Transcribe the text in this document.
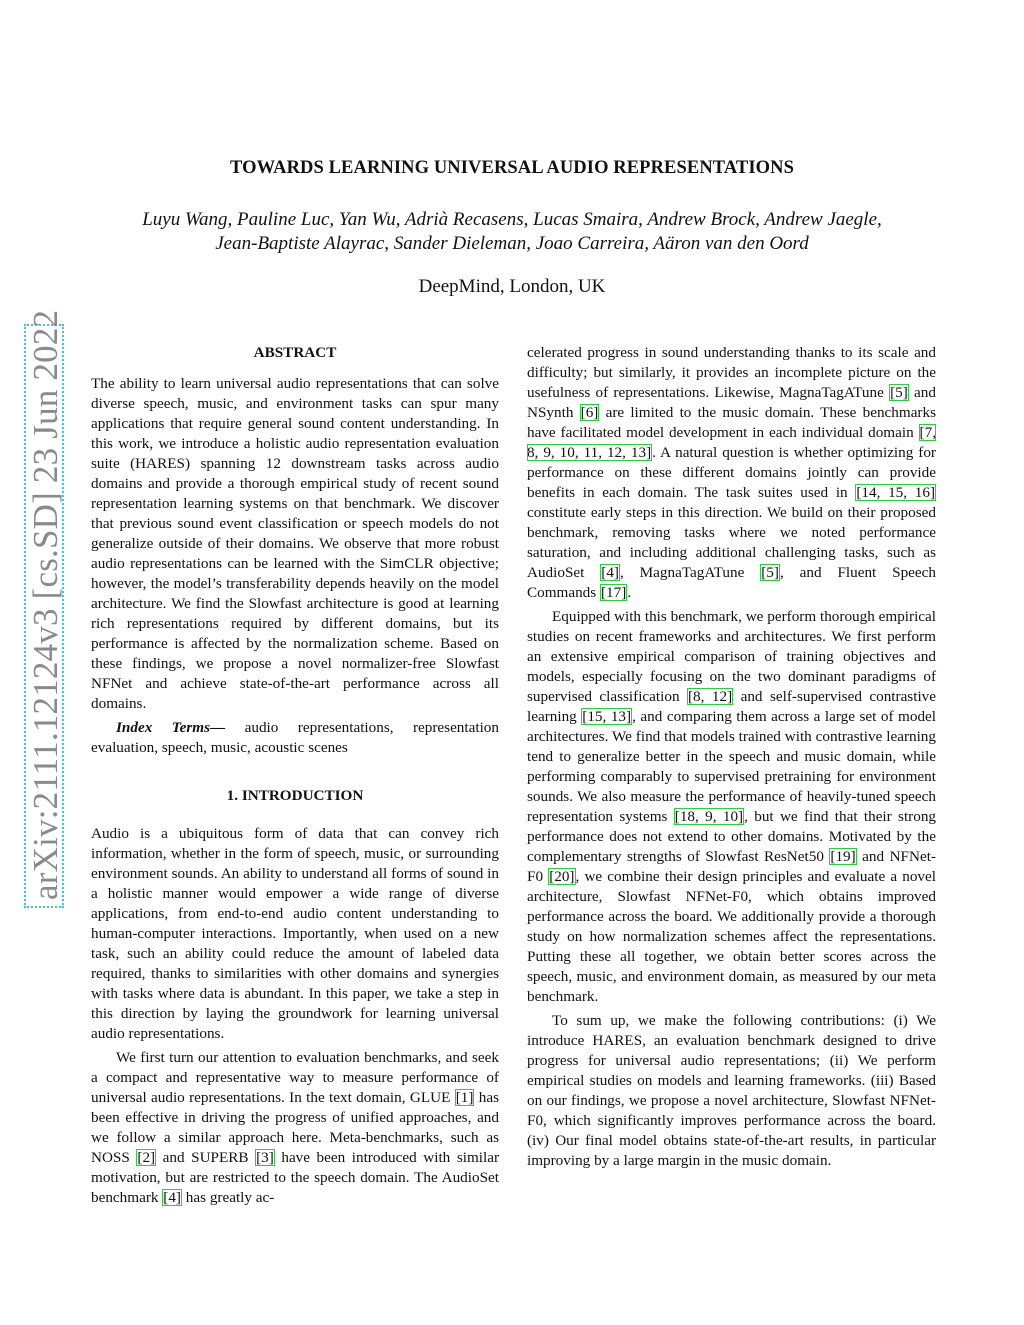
arXiv:2111.12124v3 [cs.SD] 23 Jun 2022
TOWARDS LEARNING UNIVERSAL AUDIO REPRESENTATIONS
Luyu Wang, Pauline Luc, Yan Wu, Adrià Recasens, Lucas Smaira, Andrew Brock, Andrew Jaegle,
Jean-Baptiste Alayrac, Sander Dieleman, Joao Carreira, Aäron van den Oord
DeepMind, London, UK
ABSTRACT

The ability to learn universal audio representations that can solve diverse speech, music, and environment tasks can spur many applications that require general sound content understanding. In this work, we introduce a holistic audio representation evaluation suite (HARES) spanning 12 downstream tasks across audio domains and provide a thorough empirical study of recent sound representation learning systems on that benchmark. We discover that previous sound event classification or speech models do not generalize outside of their domains. We observe that more robust audio representations can be learned with the SimCLR objective; however, the model’s transferability depends heavily on the model architecture. We find the Slowfast architecture is good at learning rich representations required by different domains, but its performance is affected by the normalization scheme. Based on these findings, we propose a novel normalizer-free Slowfast NFNet and achieve state-of-the-art performance across all domains.

Index Terms— audio representations, representation evaluation, speech, music, acoustic scenes

1. INTRODUCTION

Audio is a ubiquitous form of data that can convey rich information, whether in the form of speech, music, or surrounding environment sounds. An ability to understand all forms of sound in a holistic manner would empower a wide range of diverse applications, from end-to-end audio content understanding to human-computer interactions. Importantly, when used on a new task, such an ability could reduce the amount of labeled data required, thanks to similarities with other domains and synergies with tasks where data is abundant. In this paper, we take a step in this direction by laying the groundwork for learning universal audio representations.

We first turn our attention to evaluation benchmarks, and seek a compact and representative way to measure performance of universal audio representations. In the text domain, GLUE [1] has been effective in driving the progress of unified approaches, and we follow a similar approach here. Meta-benchmarks, such as NOSS [2] and SUPERB [3] have been introduced with similar motivation, but are restricted to the speech domain. The AudioSet benchmark [4] has greatly ac-

celerated progress in sound understanding thanks to its scale and difficulty; but similarly, it provides an incomplete picture on the usefulness of representations. Likewise, MagnaTagATune [5] and NSynth [6] are limited to the music domain. These benchmarks have facilitated model development in each individual domain [7, 8, 9, 10, 11, 12, 13]. A natural question is whether optimizing for performance on these different domains jointly can provide benefits in each domain. The task suites used in [14, 15, 16] constitute early steps in this direction. We build on their proposed benchmark, removing tasks where we noted performance saturation, and including additional challenging tasks, such as AudioSet [4], MagnaTagATune [5], and Fluent Speech Commands [17].

Equipped with this benchmark, we perform thorough empirical studies on recent frameworks and architectures. We first perform an extensive empirical comparison of training objectives and models, especially focusing on the two dominant paradigms of supervised classification [8, 12] and self-supervised contrastive learning [15, 13], and comparing them across a large set of model architectures. We find that models trained with contrastive learning tend to generalize better in the speech and music domain, while performing comparably to supervised pretraining for environment sounds. We also measure the performance of heavily-tuned speech representation systems [18, 9, 10], but we find that their strong performance does not extend to other domains. Motivated by the complementary strengths of Slowfast ResNet50 [19] and NFNet-F0 [20], we combine their design principles and evaluate a novel architecture, Slowfast NFNet-F0, which obtains improved performance across the board. We additionally provide a thorough study on how normalization schemes affect the representations. Putting these all together, we obtain better scores across the speech, music, and environment domain, as measured by our meta benchmark.

To sum up, we make the following contributions: (i) We introduce HARES, an evaluation benchmark designed to drive progress for universal audio representations; (ii) We perform empirical studies on models and learning frameworks. (iii) Based on our findings, we propose a novel architecture, Slowfast NFNet-F0, which significantly improves performance across the board. (iv) Our final model obtains state-of-the-art results, in particular improving by a large margin in the music domain.
